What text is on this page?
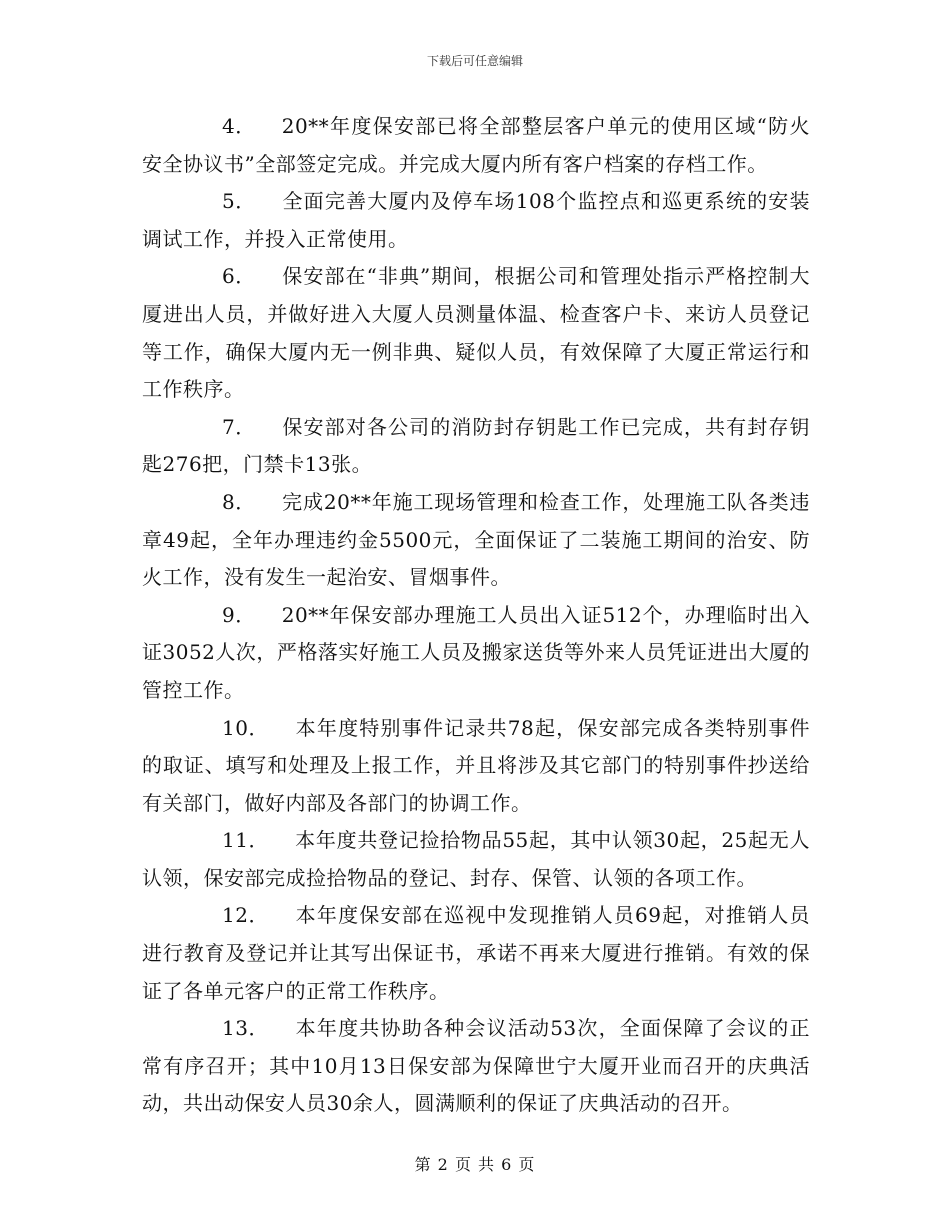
下载后可任意编辑

4． 20**年度保安部已将全部整层客户单元的使用区域“防火安全协议书”全部签定完成。并完成大厦内所有客户档案的存档工作。

5． 全面完善大厦内及停车场108个监控点和巡更系统的安装调试工作，并投入正常使用。

6． 保安部在“非典”期间，根据公司和管理处指示严格控制大厦进出人员，并做好进入大厦人员测量体温、检查客户卡、来访人员登记等工作，确保大厦内无一例非典、疑似人员，有效保障了大厦正常运行和工作秩序。

7． 保安部对各公司的消防封存钥匙工作已完成，共有封存钥匙276把，门禁卡13张。

8． 完成20**年施工现场管理和检查工作，处理施工队各类违章49起，全年办理违约金5500元，全面保证了二装施工期间的治安、防火工作，没有发生一起治安、冒烟事件。

9． 20**年保安部办理施工人员出入证512个，办理临时出入证3052人次，严格落实好施工人员及搬家送货等外来人员凭证进出大厦的管控工作。

10． 本年度特别事件记录共78起，保安部完成各类特别事件的取证、填写和处理及上报工作，并且将涉及其它部门的特别事件抄送给有关部门，做好内部及各部门的协调工作。

11． 本年度共登记捡拾物品55起，其中认领30起，25起无人认领，保安部完成捡拾物品的登记、封存、保管、认领的各项工作。

12． 本年度保安部在巡视中发现推销人员69起，对推销人员进行教育及登记并让其写出保证书，承诺不再来大厦进行推销。有效的保证了各单元客户的正常工作秩序。

13． 本年度共协助各种会议活动53次，全面保障了会议的正常有序召开；其中10月13日保安部为保障世宁大厦开业而召开的庆典活动，共出动保安人员30余人，圆满顺利的保证了庆典活动的召开。

第 2 页 共 6 页
